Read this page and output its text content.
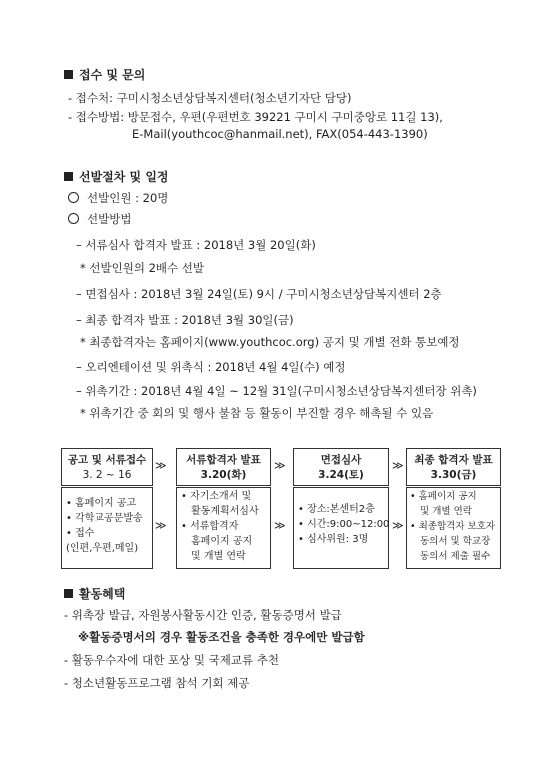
접수 및 문의
- 접수처: 구미시청소년상담복지센터(청소년기자단 담당)
- 접수방법: 방문접수, 우편(우편번호 39221 구미시 구미중앙로 11길 13),
E-Mail(youthcoc@hanmail.net), FAX(054-443-1390)
선발절차 및 일정
선발인원 : 20명
선발방법
– 서류심사 합격자 발표 : 2018년 3월 20일(화)
* 선발인원의 2배수 선발
– 면접심사 : 2018년 3월 24일(토) 9시 / 구미시청소년상담복지센터 2층
– 최종 합격자 발표 : 2018년 3월 30일(금)
* 최종합격자는 홈페이지(www.youthcoc.org) 공지 및 개별 전화 통보예정
– 오리엔테이션 및 위촉식 : 2018년 4월 4일(수) 예정
– 위촉기간 : 2018년 4월 4일 ~ 12월 31일(구미시청소년상담복지센터장 위촉)
* 위촉기간 중 회의 및 행사 불참 등 활동이 부진할 경우 해촉될 수 있음
공고 및 서류접수
3. 2 ~ 16
• 홈페이지 공고
• 각학교공문발송
• 접수
(인편,우편,메일)
≫
≫
서류합격자 발표
3.20(화)
• 자기소개서 및
활동계획서심사
• 서류합격자
홈페이지 공지
및 개별 연락
≫
≫
면접심사
3.24(토)
• 장소:본센터2층
• 시간:9:00~12:00
• 심사위원: 3명
≫
≫
최종 합격자 발표
3.30(금)
• 홈페이지 공지
및 개별 연락
• 최종합격자 보호자
동의서 및 학교장
동의서 제출 필수
활동혜택
- 위촉장 발급, 자원봉사활동시간 인증, 활동증명서 발급
※활동증명서의 경우 활동조건을 충족한 경우에만 발급함
- 활동우수자에 대한 포상 및 국제교류 추천
- 청소년활동프로그램 참석 기회 제공
